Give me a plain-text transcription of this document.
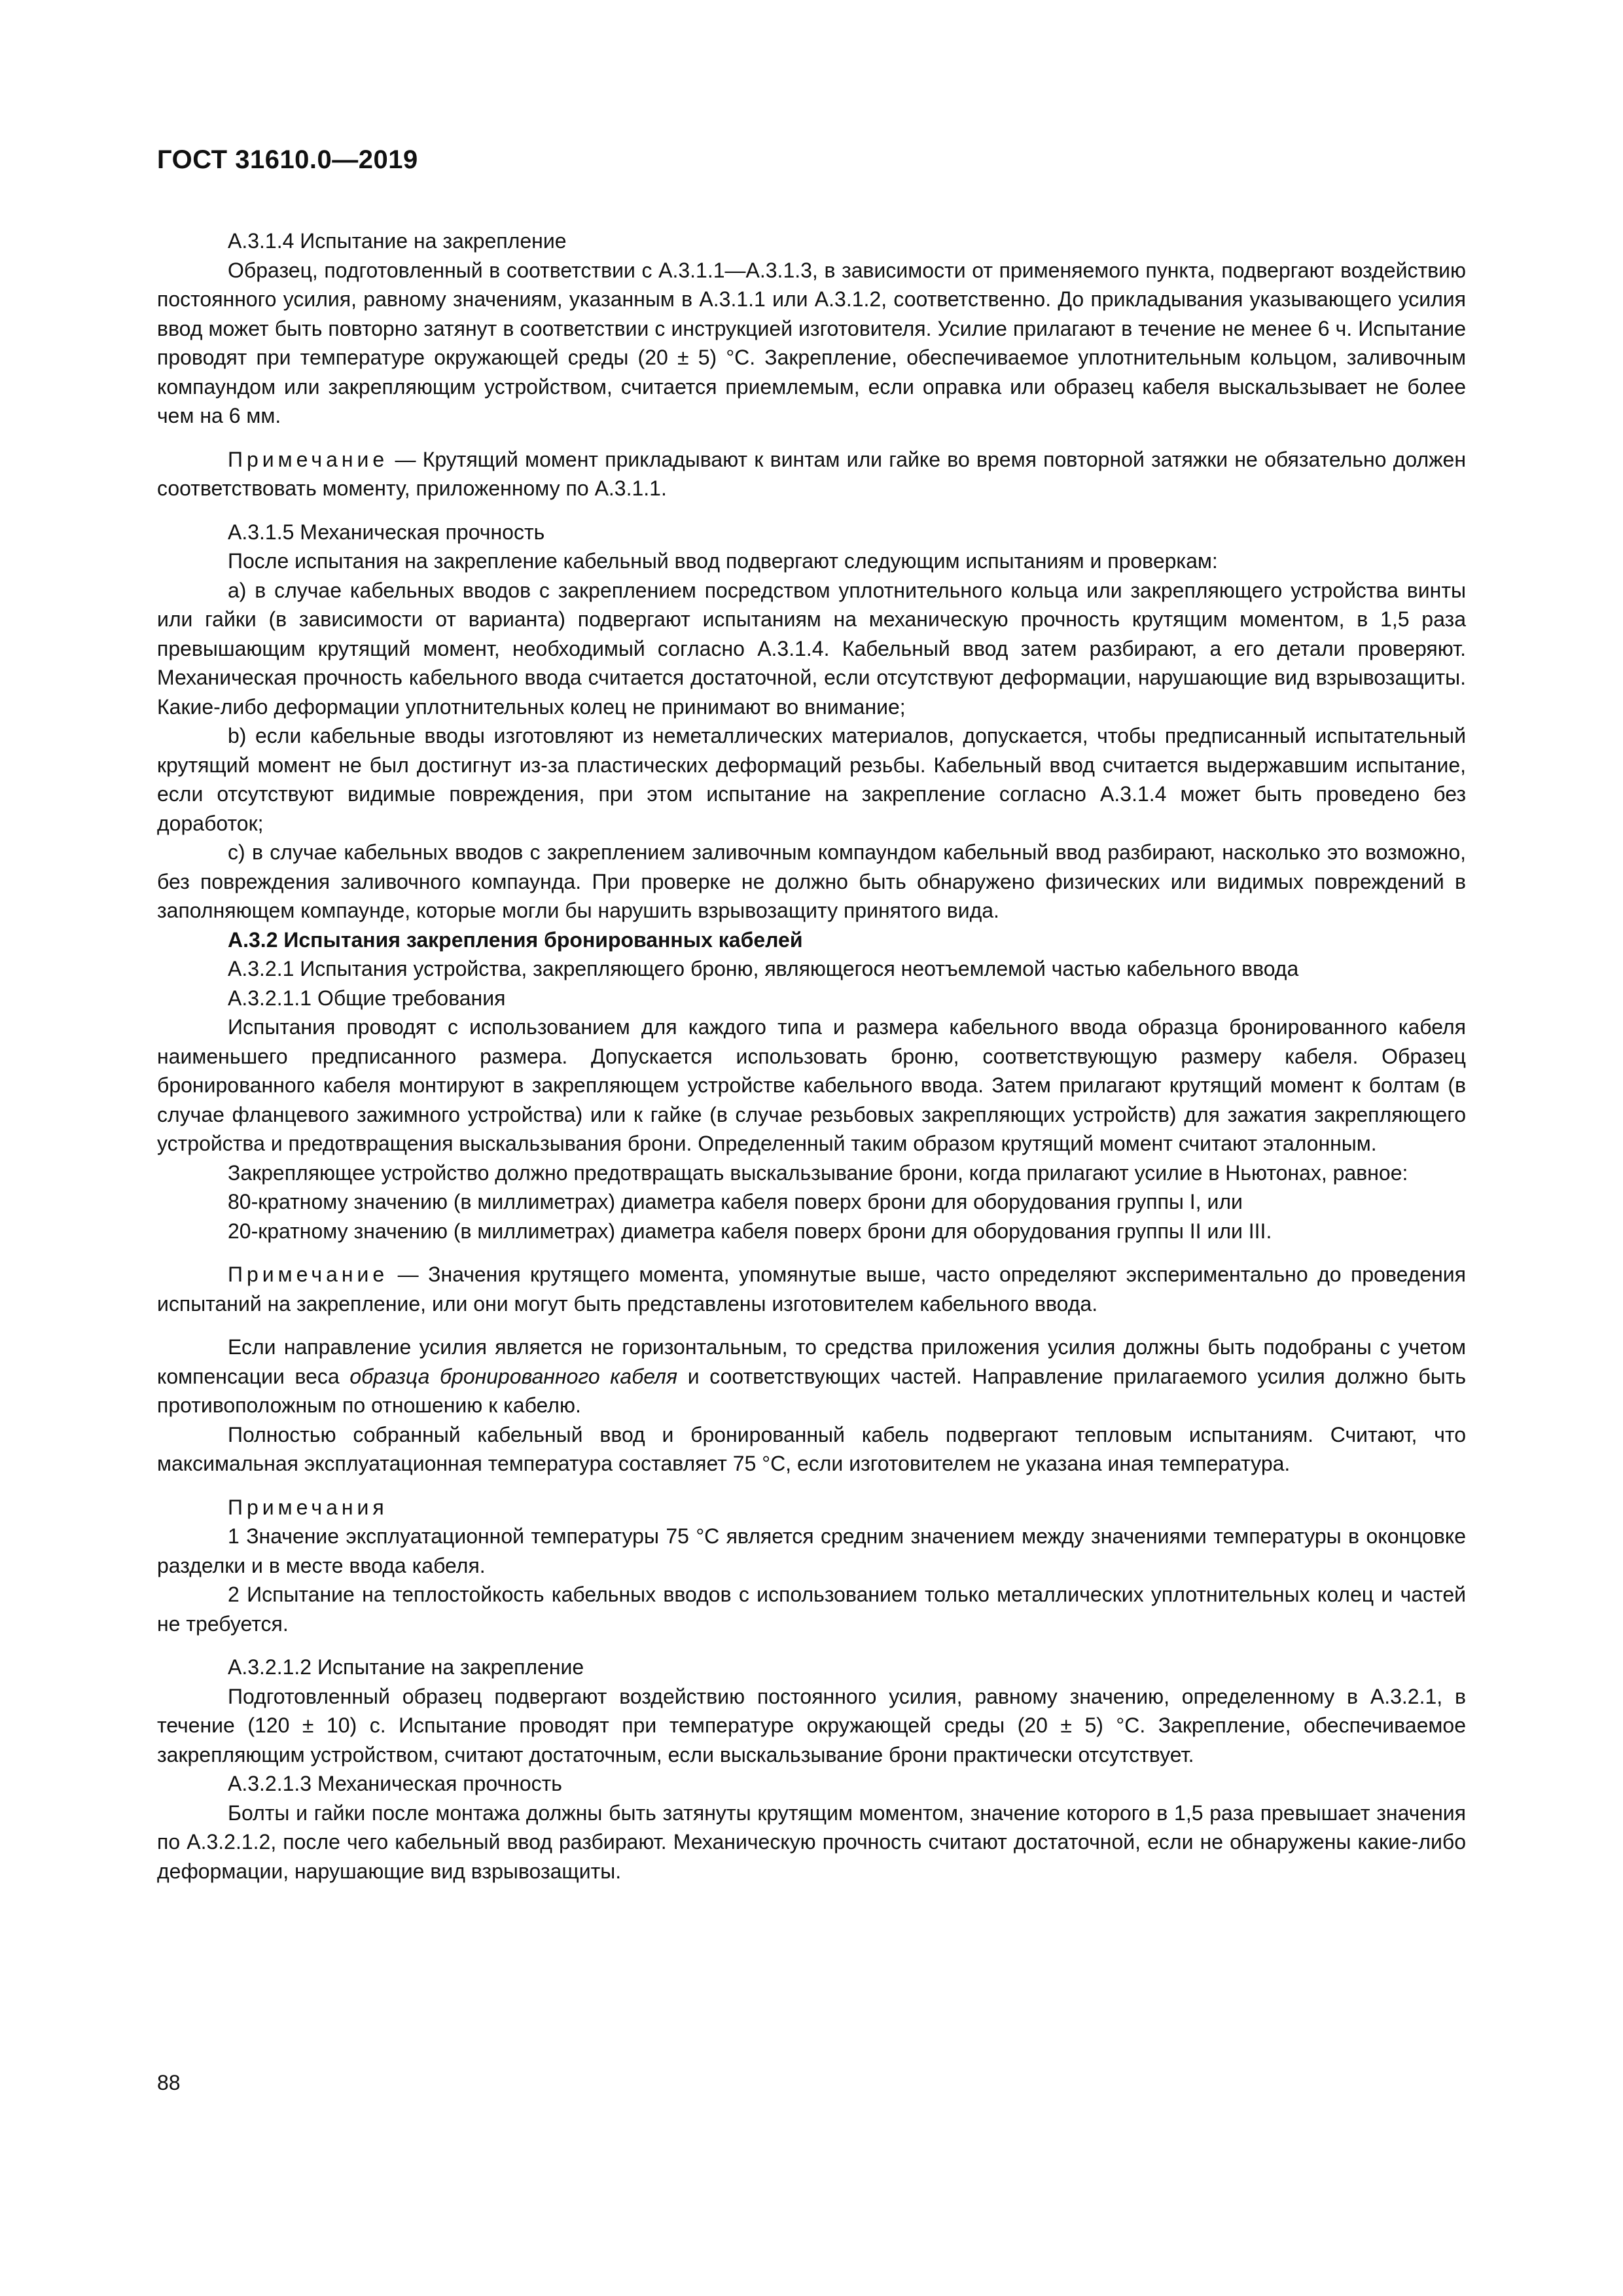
ГОСТ 31610.0—2019

А.3.1.4 Испытание на закрепление

Образец, подготовленный в соответствии с А.3.1.1—А.3.1.3, в зависимости от применяемого пункта, подвергают воздействию постоянного усилия, равному значениям, указанным в А.3.1.1 или А.3.1.2, соответственно. До прикладывания указывающего усилия ввод может быть повторно затянут в соответствии с инструкцией изготовителя. Усилие прилагают в течение не менее 6 ч. Испытание проводят при температуре окружающей среды (20 ± 5) °С. Закрепление, обеспечиваемое уплотнительным кольцом, заливочным компаундом или закрепляющим устройством, считается приемлемым, если оправка или образец кабеля выскальзывает не более чем на 6 мм.

Примечание — Крутящий момент прикладывают к винтам или гайке во время повторной затяжки не обязательно должен соответствовать моменту, приложенному по А.3.1.1.

А.3.1.5 Механическая прочность

После испытания на закрепление кабельный ввод подвергают следующим испытаниям и проверкам:

а) в случае кабельных вводов с закреплением посредством уплотнительного кольца или закрепляющего устройства винты или гайки (в зависимости от варианта) подвергают испытаниям на механическую прочность крутящим моментом, в 1,5 раза превышающим крутящий момент, необходимый согласно А.3.1.4. Кабельный ввод затем разбирают, а его детали проверяют. Механическая прочность кабельного ввода считается достаточной, если отсутствуют деформации, нарушающие вид взрывозащиты. Какие-либо деформации уплотнительных колец не принимают во внимание;

b) если кабельные вводы изготовляют из неметаллических материалов, допускается, чтобы предписанный испытательный крутящий момент не был достигнут из-за пластических деформаций резьбы. Кабельный ввод считается выдержавшим испытание, если отсутствуют видимые повреждения, при этом испытание на закрепление согласно А.3.1.4 может быть проведено без доработок;

с) в случае кабельных вводов с закреплением заливочным компаундом кабельный ввод разбирают, насколько это возможно, без повреждения заливочного компаунда. При проверке не должно быть обнаружено физических или видимых повреждений в заполняющем компаунде, которые могли бы нарушить взрывозащиту принятого вида.

А.3.2 Испытания закрепления бронированных кабелей

А.3.2.1 Испытания устройства, закрепляющего броню, являющегося неотъемлемой частью кабельного ввода

А.3.2.1.1 Общие требования

Испытания проводят с использованием для каждого типа и размера кабельного ввода образца бронированного кабеля наименьшего предписанного размера. Допускается использовать броню, соответствующую размеру кабеля. Образец бронированного кабеля монтируют в закрепляющем устройстве кабельного ввода. Затем прилагают крутящий момент к болтам (в случае фланцевого зажимного устройства) или к гайке (в случае резьбовых закрепляющих устройств) для зажатия закрепляющего устройства и предотвращения выскальзывания брони. Определенный таким образом крутящий момент считают эталонным.

Закрепляющее устройство должно предотвращать выскальзывание брони, когда прилагают усилие в Ньютонах, равное:

80-кратному значению (в миллиметрах) диаметра кабеля поверх брони для оборудования группы I, или

20-кратному значению (в миллиметрах) диаметра кабеля поверх брони для оборудования группы II или III.

Примечание — Значения крутящего момента, упомянутые выше, часто определяют экспериментально до проведения испытаний на закрепление, или они могут быть представлены изготовителем кабельного ввода.

Если направление усилия является не горизонтальным, то средства приложения усилия должны быть подобраны с учетом компенсации веса образца бронированного кабеля и соответствующих частей. Направление прилагаемого усилия должно быть противоположным по отношению к кабелю.

Полностью собранный кабельный ввод и бронированный кабель подвергают тепловым испытаниям. Считают, что максимальная эксплуатационная температура составляет 75 °С, если изготовителем не указана иная температура.

Примечания

1 Значение эксплуатационной температуры 75 °С является средним значением между значениями температуры в оконцовке разделки и в месте ввода кабеля.

2 Испытание на теплостойкость кабельных вводов с использованием только металлических уплотнительных колец и частей не требуется.

А.3.2.1.2 Испытание на закрепление

Подготовленный образец подвергают воздействию постоянного усилия, равному значению, определенному в А.3.2.1, в течение (120 ± 10) с. Испытание проводят при температуре окружающей среды (20 ± 5) °С. Закрепление, обеспечиваемое закрепляющим устройством, считают достаточным, если выскальзывание брони практически отсутствует.

А.3.2.1.3 Механическая прочность

Болты и гайки после монтажа должны быть затянуты крутящим моментом, значение которого в 1,5 раза превышает значения по А.3.2.1.2, после чего кабельный ввод разбирают. Механическую прочность считают достаточной, если не обнаружены какие-либо деформации, нарушающие вид взрывозащиты.

88
